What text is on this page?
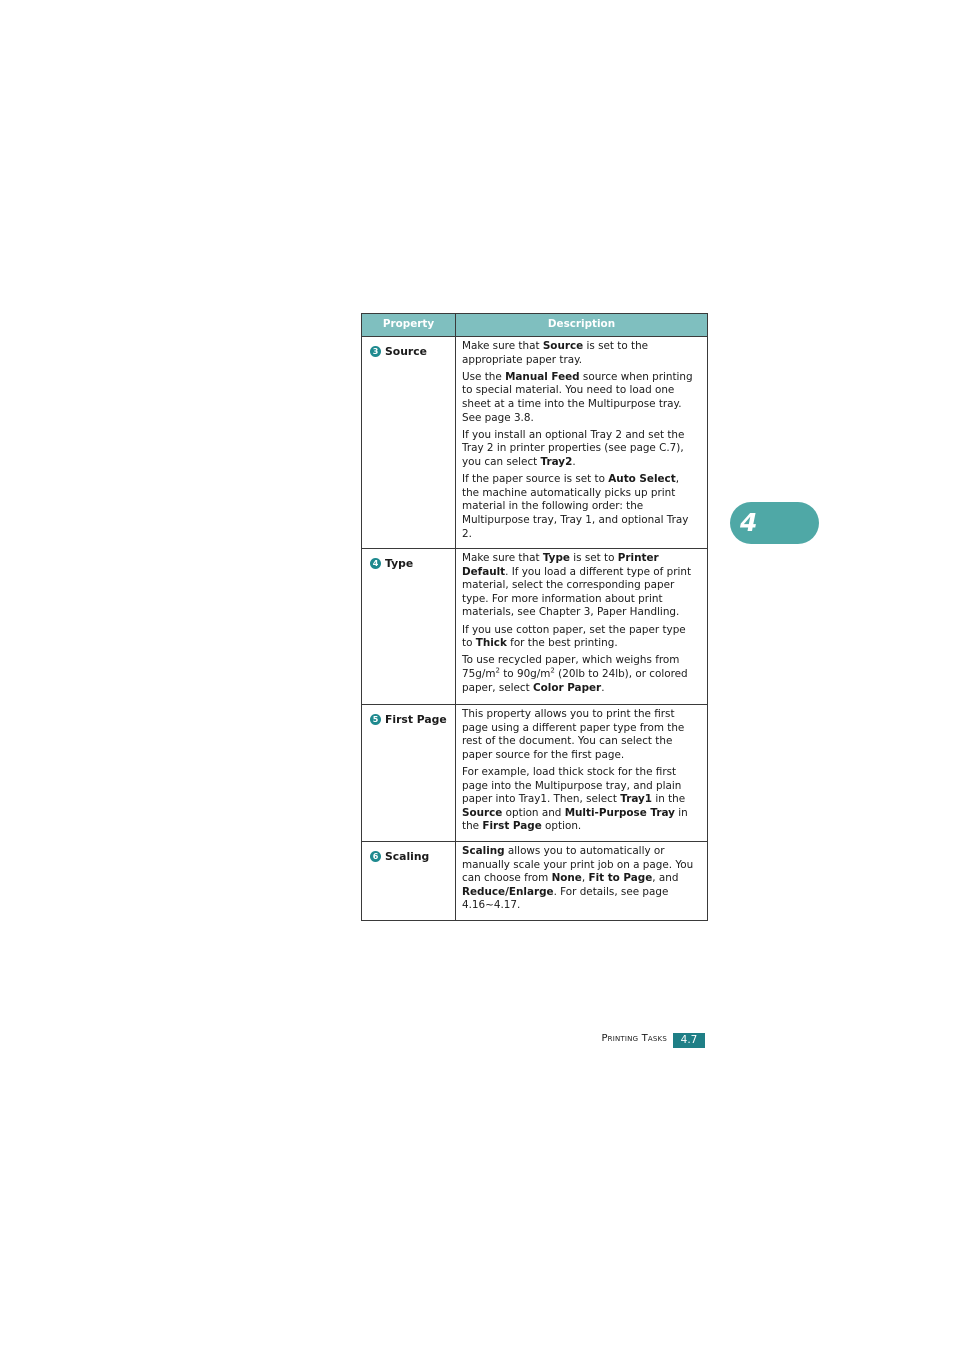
Property	Description
3 Source	Make sure that Source is set to the appropriate paper tray.
Use the Manual Feed source when printing to special material. You need to load one sheet at a time into the Multipurpose tray. See page 3.8.
If you install an optional Tray 2 and set the Tray 2 in printer properties (see page C.7), you can select Tray2.
If the paper source is set to Auto Select, the machine automatically picks up print material in the following order: the Multipurpose tray, Tray 1, and optional Tray 2.

4 Type	Make sure that Type is set to Printer Default. If you load a different type of print material, select the corresponding paper type. For more information about print materials, see Chapter 3, Paper Handling.
If you use cotton paper, set the paper type to Thick for the best printing.
To use recycled paper, which weighs from $75g/m^2$ to $90g/m^2$ (20lb to 24lb), or colored paper, select Color Paper.

5 First Page	This property allows you to print the first page using a different paper type from the rest of the document. You can select the paper source for the first page.
For example, load thick stock for the first page into the Multipurpose tray, and plain paper into Tray1. Then, select Tray1 in the Source option and Multi-Purpose Tray in the First Page option.

6 Scaling	Scaling allows you to automatically or manually scale your print job on a page. You can choose from None, Fit to Page, and Reduce/Enlarge. For details, see page 4.16~4.17.
4
Printing Tasks	4.7
